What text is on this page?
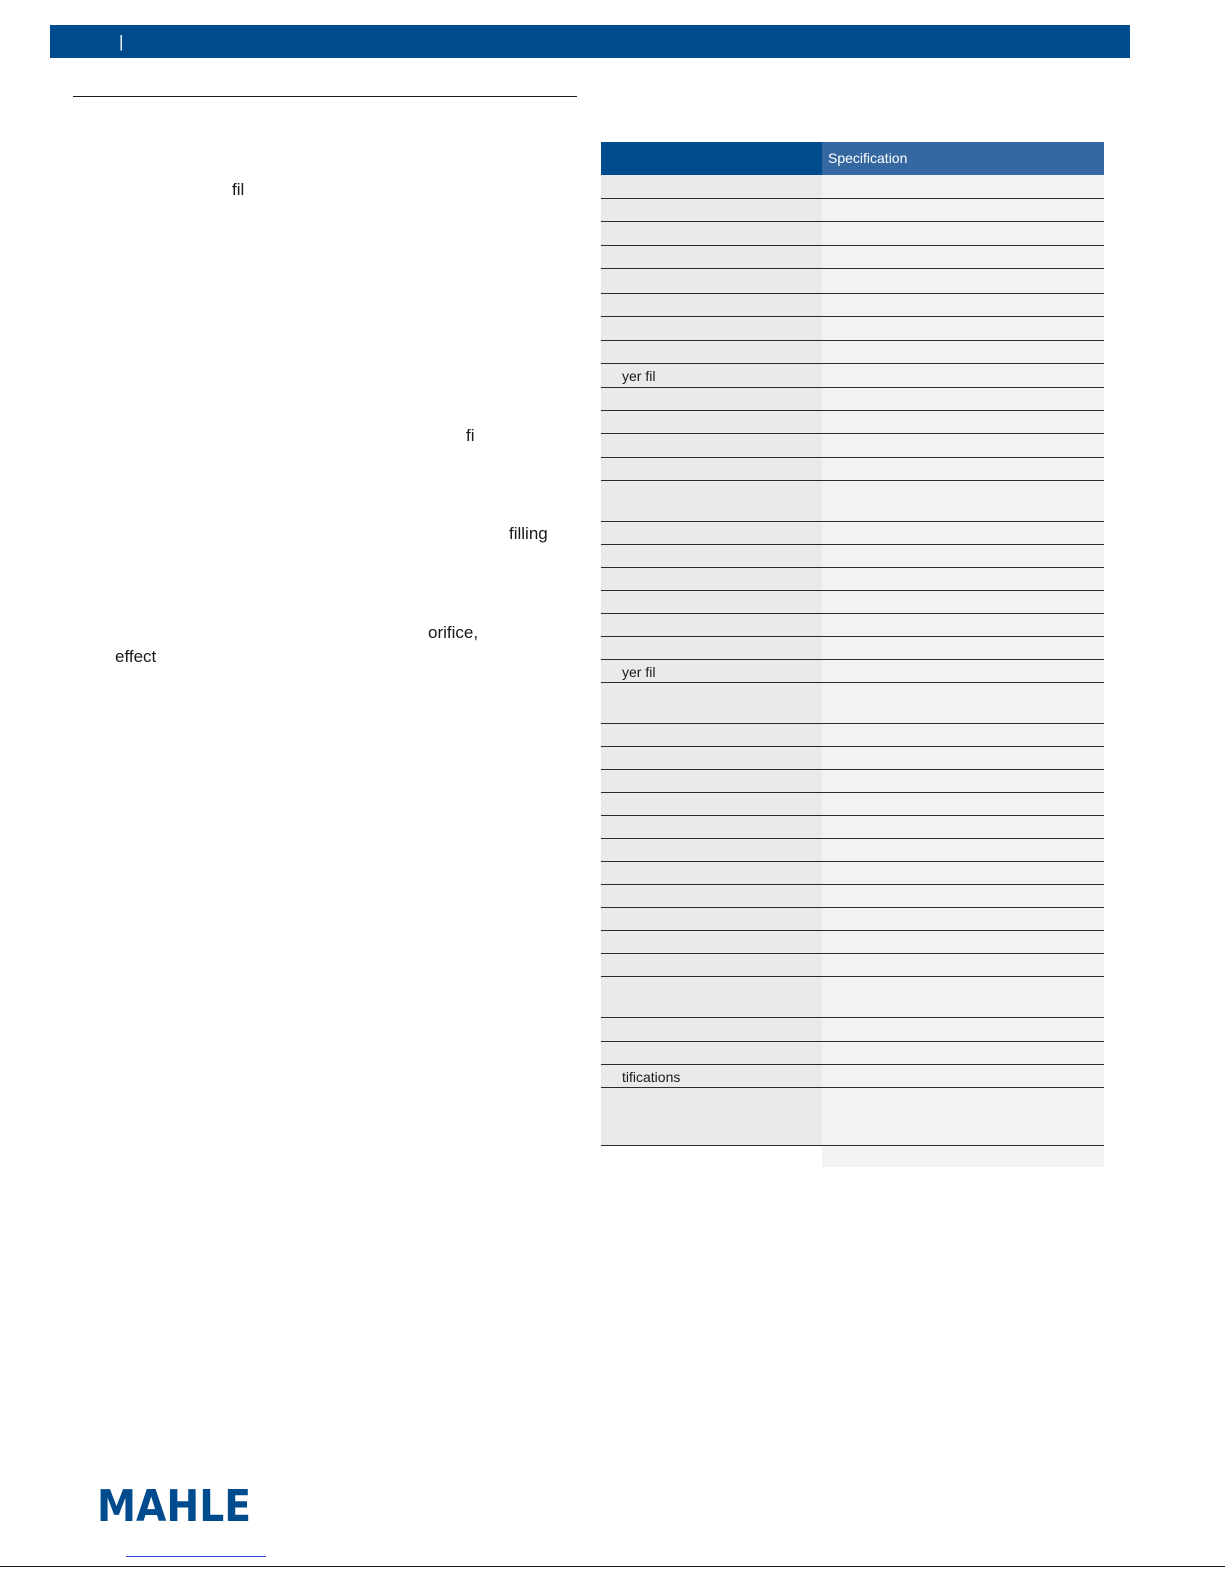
|
fil
fi
filling
orifice,
effect
Specification
yer fil
yer fil
tifications
MAHLE
